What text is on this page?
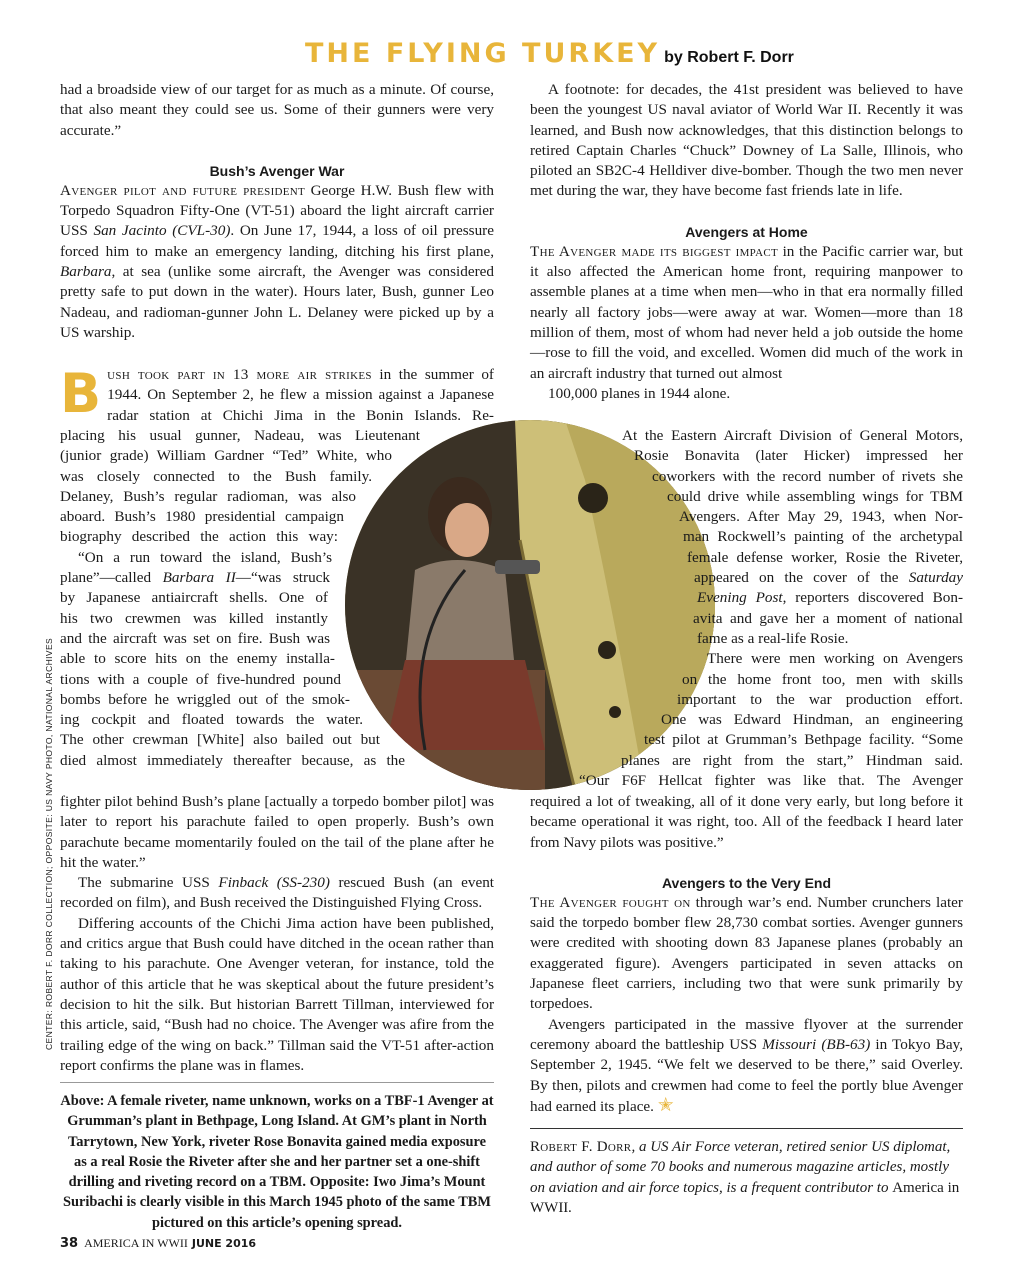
THE FLYING TURKEY by Robert F. Dorr

had a broadside view of our target for as much as a minute. Of course, that also meant they could see us. Some of their gunners were very accurate.”

Bush’s Avenger War

Avenger pilot and future president George H.W. Bush flew with Torpedo Squadron Fifty-One (VT-51) aboard the light aircraft carrier USS San Jacinto (CVL-30). On June 17, 1944, a loss of oil pressure forced him to make an emergency landing, ditching his first plane, Barbara, at sea (unlike some aircraft, the Avenger was considered pretty safe to put down in the water). Hours later, Bush, gunner Leo Nadeau, and radioman-gunner John L. Delaney were picked up by a US warship.

B ush took part in 13 more air strikes in the summer of
1944. On September 2, he flew a mission against a Japanese
radar station at Chichi Jima in the Bonin Islands. Re-
placing his usual gunner, Nadeau, was Lieutenant
(junior grade) William Gardner “Ted” White, who
was closely connected to the Bush family.
Delaney, Bush’s regular radioman, was also
aboard. Bush’s 1980 presidential campaign
biography described the action this way:
“On a run toward the island, Bush’s
plane”—called Barbara II—“was struck
by Japanese antiaircraft shells. One of
his two crewmen was killed instantly
and the aircraft was set on fire. Bush was
able to score hits on the enemy installa-
tions with a couple of five-hundred pound
bombs before he wriggled out of the smok-
ing cockpit and floated towards the water.
The other crewman [White] also bailed out but
died almost immediately thereafter because, as the

fighter pilot behind Bush’s plane [actually a torpedo bomber pilot] was later to report his parachute failed to open properly. Bush’s own parachute became momentarily fouled on the tail of the plane after he hit the water.”

The submarine USS Finback (SS-230) rescued Bush (an event recorded on film), and Bush received the Distinguished Flying Cross.

Differing accounts of the Chichi Jima action have been published, and critics argue that Bush could have ditched in the ocean rather than taking to his parachute. One Avenger veteran, for instance, told the author of this article that he was skeptical about the future president’s decision to hit the silk. But historian Barrett Tillman, interviewed for this article, said, “Bush had no choice. The Avenger was afire from the trailing edge of the wing on back.” Tillman said the VT-51 after-action report confirms the plane was in flames.

A footnote: for decades, the 41st president was believed to have been the youngest US naval aviator of World War II. Recently it was learned, and Bush now acknowledges, that this distinction belongs to retired Captain Charles “Chuck” Downey of La Salle, Illinois, who piloted an SB2C-4 Helldiver dive-bomber. Though the two men never met during the war, they have become fast friends late in life.

Avengers at Home

The Avenger made its biggest impact in the Pacific carrier war, but it also affected the American home front, requiring manpower to assemble planes at a time when men—who in that era normally filled nearly all factory jobs—were away at war. Women—more than 18 million of them, most of whom had never held a job outside the home—rose to fill the void, and excelled. Women did much of the work in an aircraft industry that turned out almost

100,000 planes in 1944 alone.
At the Eastern Aircraft Division of General Motors,
Rosie Bonavita (later Hicker) impressed her
coworkers with the record number of rivets she
could drive while assembling wings for TBM
Avengers. After May 29, 1943, when Nor-
man Rockwell’s painting of the archetypal
female defense worker, Rosie the Riveter,
appeared on the cover of the Saturday
Evening Post, reporters discovered Bon-
avita and gave her a moment of national
fame as a real-life Rosie.
There were men working on Avengers
on the home front too, men with skills
important to the war production effort.
One was Edward Hindman, an engineering
test pilot at Grumman’s Bethpage facility. “Some
planes are right from the start,” Hindman said.
“Our F6F Hellcat fighter was like that. The Avenger

required a lot of tweaking, all of it done very early, but long before it became operational it was right, too. All of the feedback I heard later from Navy pilots was positive.”

Avengers to the Very End

The Avenger fought on through war’s end. Number crunchers later said the torpedo bomber flew 28,730 combat sorties. Avenger gunners were credited with shooting down 83 Japanese planes (probably an exaggerated figure). Avengers participated in seven attacks on Japanese fleet carriers, including two that were sunk primarily by torpedoes.

Avengers participated in the massive flyover at the surrender ceremony aboard the battleship USS Missouri (BB-63) in Tokyo Bay, September 2, 1945. “We felt we deserved to be there,” said Overley. By then, pilots and crewmen had come to feel the portly blue Avenger had earned its place. ✭

Robert F. Dorr, a US Air Force veteran, retired senior US diplomat, and author of some 70 books and numerous magazine articles, mostly on aviation and air force topics, is a frequent contributor to America in WWII.
CENTER: ROBERT F. DORR COLLECTION; OPPOSITE: US NAVY PHOTO, NATIONAL ARCHIVES
Above: A female riveter, name unknown, works on a TBF-1 Avenger at Grumman’s plant in Bethpage, Long Island. At GM’s plant in North Tarrytown, New York, riveter Rose Bonavita gained media exposure as a real Rosie the Riveter after she and her partner set a one-shift drilling and riveting record on a TBM. Opposite: Iwo Jima’s Mount Suribachi is clearly visible in this March 1945 photo of the same TBM pictured on this article’s opening spread.
38 AMERICA IN WWII JUNE 2016
